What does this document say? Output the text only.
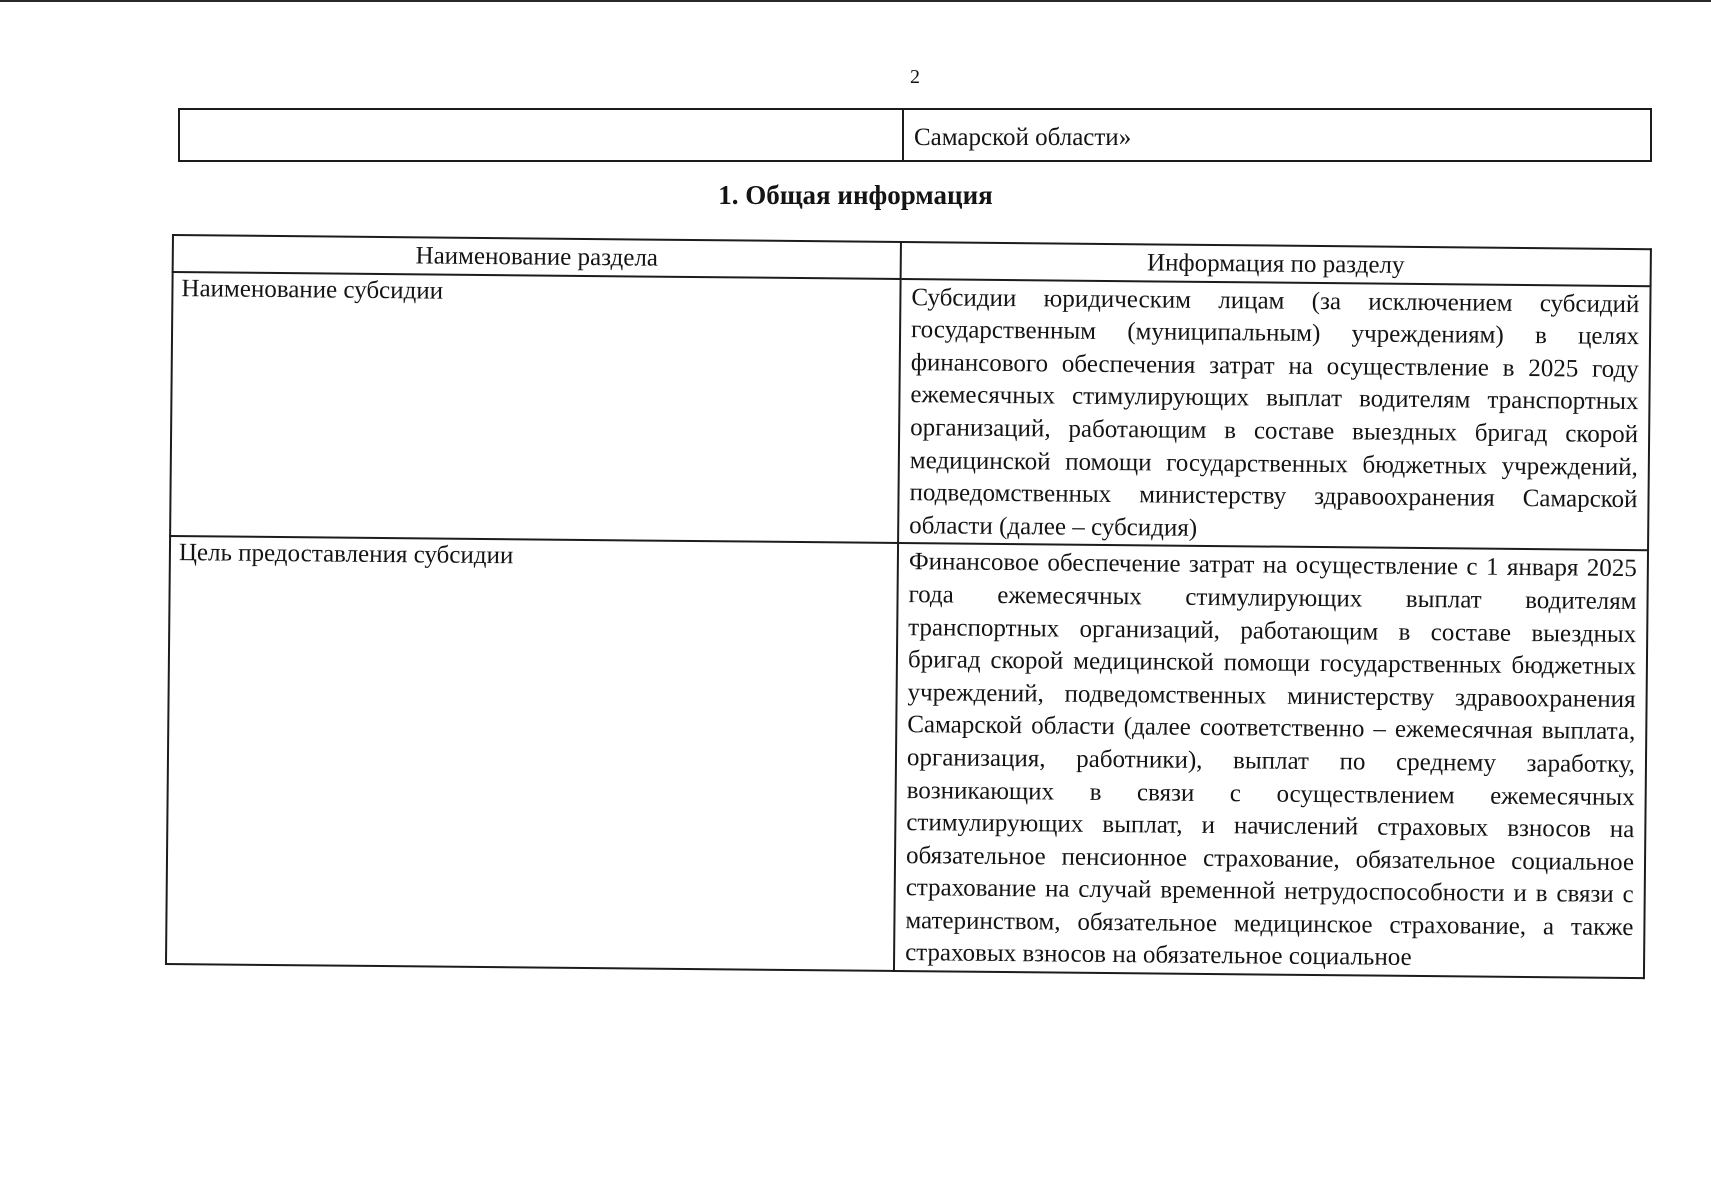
2
Самарской области»
1. Общая информация
Наименование раздела	Информация по разделу
Наименование субсидии	Субсидии юридическим лицам (за исключением субсидий государственным (муниципальным) учреждениям) в целях финансового обеспечения затрат на осуществление в 2025 году ежемесячных стимулирующих выплат водителям транспортных организаций, работающим в составе выездных бригад скорой медицинской помощи государственных бюджетных учреждений, подведомственных министерству здравоохранения Самарской области (далее – субсидия)
Цель предоставления субсидии	Финансовое обеспечение затрат на осуществление с 1 января 2025 года ежемесячных стимулирующих выплат водителям транспортных организаций, работающим в составе выездных бригад скорой медицинской помощи государственных бюджетных учреждений, подведомственных министерству здравоохранения Самарской области (далее соответственно – ежемесячная выплата, организация, работники), выплат по среднему заработку, возникающих в связи с осуществлением ежемесячных стимулирующих выплат, и начислений страховых взносов на обязательное пенсионное страхование, обязательное социальное страхование на случай временной нетрудоспособности и в связи с материнством, обязательное медицинское страхование, а также страховых взносов на обязательное социальное
